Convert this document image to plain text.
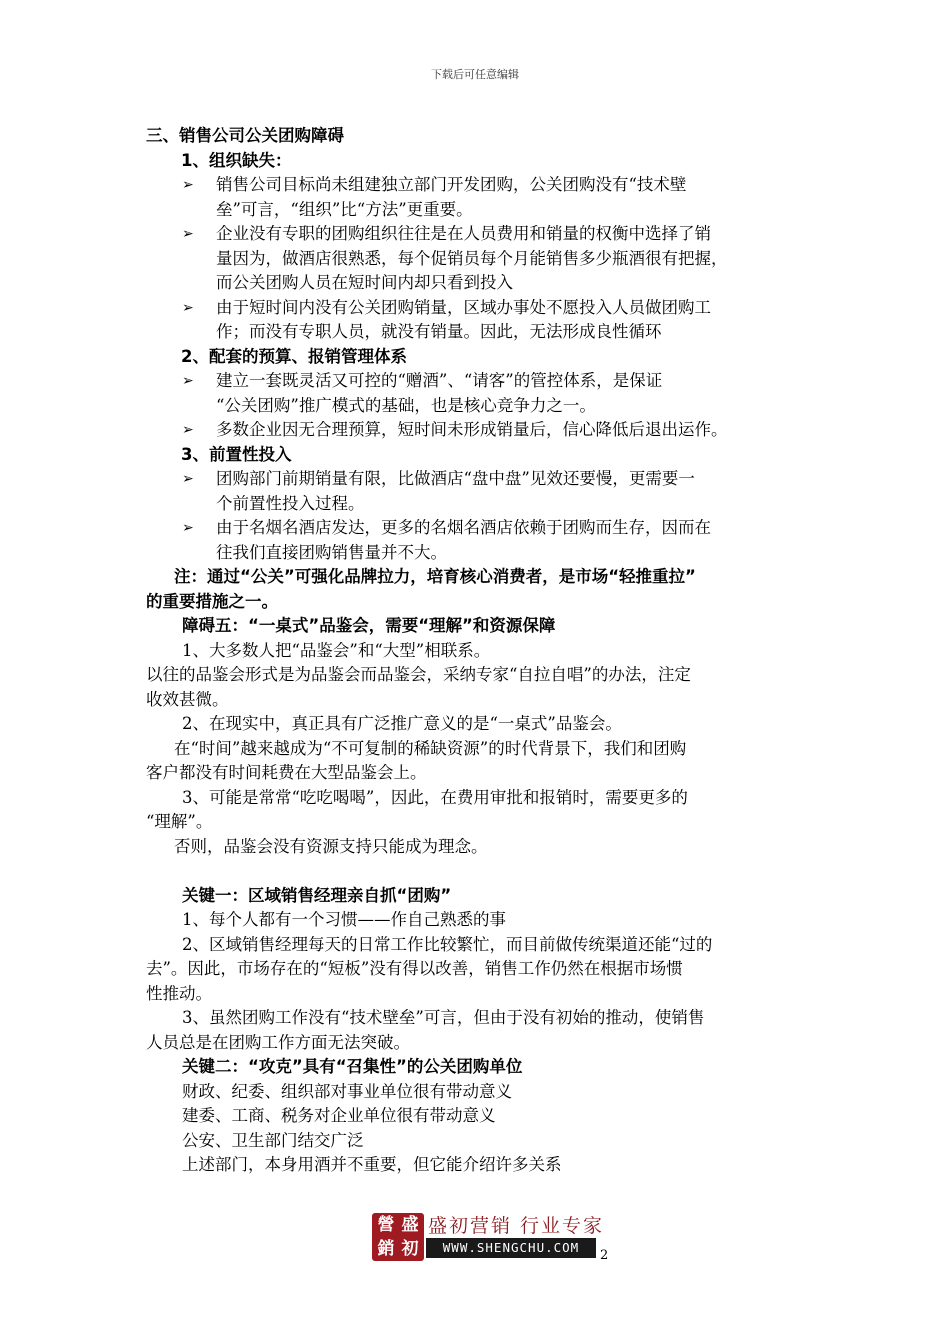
下载后可任意编辑
三、销售公司公关团购障碍
1、组织缺失：
➢ 销售公司目标尚未组建独立部门开发团购，公关团购没有“技术壁
垒”可言，“组织”比“方法”更重要。
➢ 企业没有专职的团购组织往往是在人员费用和销量的权衡中选择了销
量因为，做酒店很熟悉，每个促销员每个月能销售多少瓶酒很有把握，
而公关团购人员在短时间内却只看到投入
➢ 由于短时间内没有公关团购销量，区域办事处不愿投入人员做团购工
作；而没有专职人员，就没有销量。因此，无法形成良性循环
2、配套的预算、报销管理体系
➢ 建立一套既灵活又可控的“赠酒”、“请客”的管控体系，是保证
“公关团购”推广模式的基础，也是核心竞争力之一。
➢ 多数企业因无合理预算，短时间未形成销量后，信心降低后退出运作。
3、前置性投入
➢ 团购部门前期销量有限，比做酒店“盘中盘”见效还要慢，更需要一
个前置性投入过程。
➢ 由于名烟名酒店发达，更多的名烟名酒店依赖于团购而生存，因而在
往我们直接团购销售量并不大。
注：通过“公关”可强化品牌拉力，培育核心消费者，是市场“轻推重拉”
的重要措施之一。
障碍五：“一桌式”品鉴会，需要“理解”和资源保障
1、大多数人把“品鉴会”和“大型”相联系。
以往的品鉴会形式是为品鉴会而品鉴会，采纳专家“自拉自唱”的办法，注定
收效甚微。
2、在现实中，真正具有广泛推广意义的是“一桌式”品鉴会。
在“时间”越来越成为“不可复制的稀缺资源”的时代背景下，我们和团购
客户都没有时间耗费在大型品鉴会上。
3、可能是常常“吃吃喝喝”，因此，在费用审批和报销时，需要更多的
“理解”。
否则，品鉴会没有资源支持只能成为理念。
关键一：区域销售经理亲自抓“团购”
1、每个人都有一个习惯——作自己熟悉的事
2、区域销售经理每天的日常工作比较繁忙，而目前做传统渠道还能“过的
去”。因此，市场存在的“短板”没有得以改善，销售工作仍然在根据市场惯
性推动。
3、虽然团购工作没有“技术壁垒”可言，但由于没有初始的推动，使销售
人员总是在团购工作方面无法突破。
关键二：“攻克”具有“召集性”的公关团购单位
财政、纪委、组织部对事业单位很有带动意义
建委、工商、税务对企业单位很有带动意义
公安、卫生部门结交广泛
上述部门，本身用酒并不重要，但它能介绍许多关系
營 盛
銷 初
盛初营销 行业专家
WWW.SHENGCHU.COM
2
